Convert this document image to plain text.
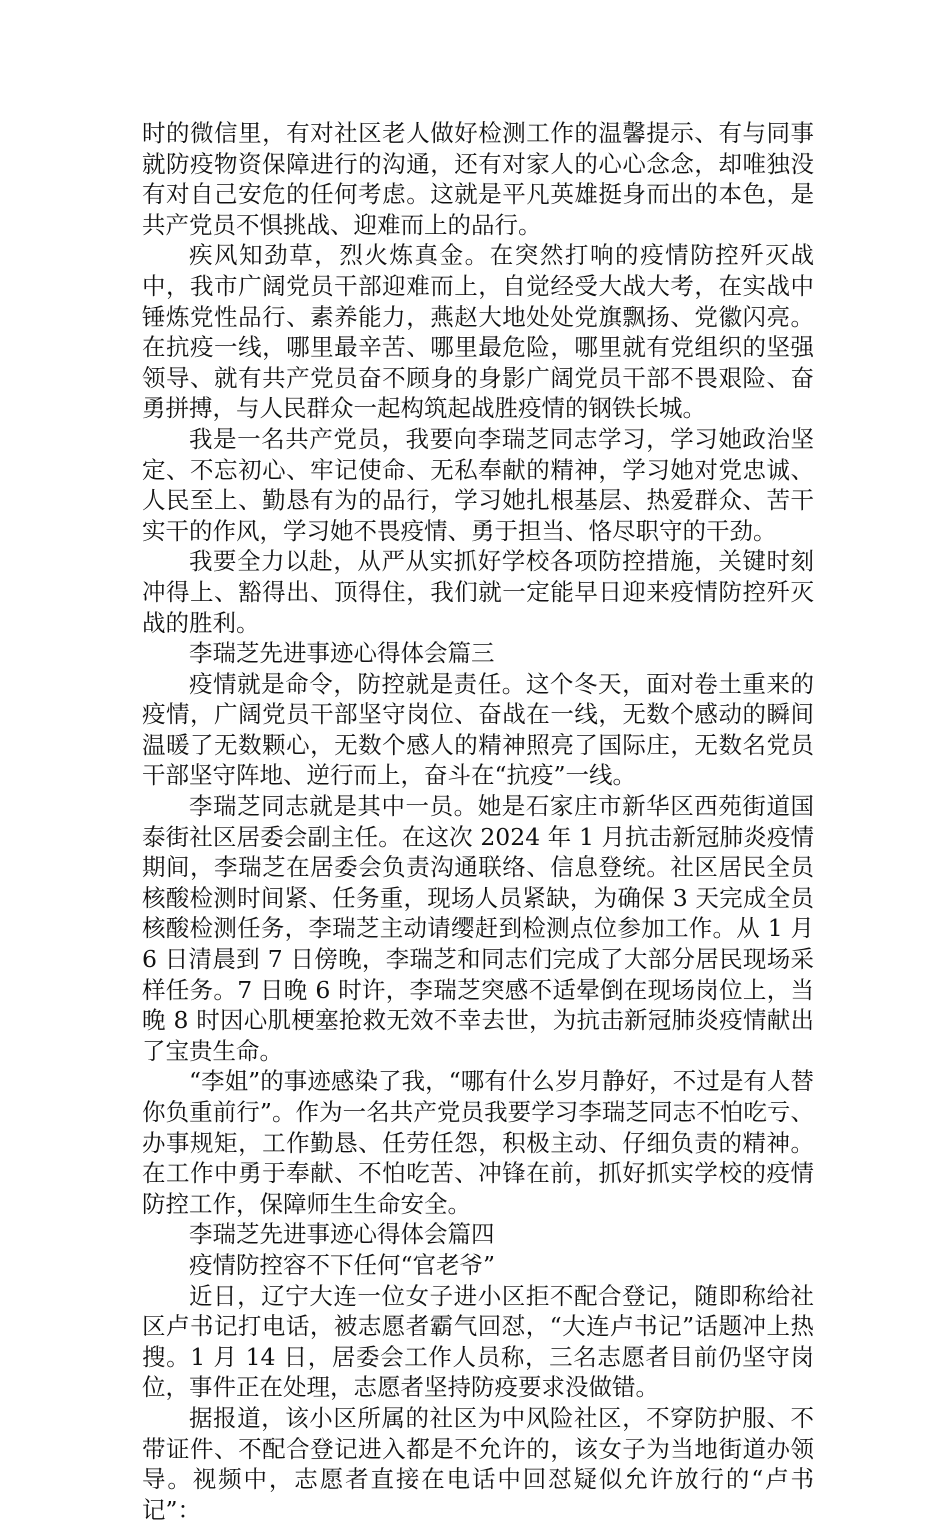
时的微信里，有对社区老人做好检测工作的温馨提示、有与同事就防疫物资保障进行的沟通，还有对家人的心心念念，却唯独没有对自己安危的任何考虑。这就是平凡英雄挺身而出的本色，是共产党员不惧挑战、迎难而上的品行。

疾风知劲草，烈火炼真金。在突然打响的疫情防控歼灭战中，我市广阔党员干部迎难而上，自觉经受大战大考，在实战中锤炼党性品行、素养能力，燕赵大地处处党旗飘扬、党徽闪亮。在抗疫一线，哪里最辛苦、哪里最危险，哪里就有党组织的坚强领导、就有共产党员奋不顾身的身影广阔党员干部不畏艰险、奋勇拼搏，与人民群众一起构筑起战胜疫情的钢铁长城。

我是一名共产党员，我要向李瑞芝同志学习，学习她政治坚定、不忘初心、牢记使命、无私奉献的精神，学习她对党忠诚、人民至上、勤恳有为的品行，学习她扎根基层、热爱群众、苦干实干的作风，学习她不畏疫情、勇于担当、恪尽职守的干劲。

我要全力以赴，从严从实抓好学校各项防控措施，关键时刻冲得上、豁得出、顶得住，我们就一定能早日迎来疫情防控歼灭战的胜利。

李瑞芝先进事迹心得体会篇三

疫情就是命令，防控就是责任。这个冬天，面对卷土重来的疫情，广阔党员干部坚守岗位、奋战在一线，无数个感动的瞬间温暖了无数颗心，无数个感人的精神照亮了国际庄，无数名党员干部坚守阵地、逆行而上，奋斗在“抗疫”一线。

李瑞芝同志就是其中一员。她是石家庄市新华区西苑街道国泰街社区居委会副主任。在这次 2024 年 1 月抗击新冠肺炎疫情期间，李瑞芝在居委会负责沟通联络、信息登统。社区居民全员核酸检测时间紧、任务重，现场人员紧缺，为确保 3 天完成全员核酸检测任务，李瑞芝主动请缨赶到检测点位参加工作。从 1 月 6 日清晨到 7 日傍晚，李瑞芝和同志们完成了大部分居民现场采样任务。7 日晚 6 时许，李瑞芝突感不适晕倒在现场岗位上，当晚 8 时因心肌梗塞抢救无效不幸去世，为抗击新冠肺炎疫情献出了宝贵生命。

“李姐”的事迹感染了我，“哪有什么岁月静好，不过是有人替你负重前行”。作为一名共产党员我要学习李瑞芝同志不怕吃亏、办事规矩，工作勤恳、任劳任怨，积极主动、仔细负责的精神。在工作中勇于奉献、不怕吃苦、冲锋在前，抓好抓实学校的疫情防控工作，保障师生生命安全。

李瑞芝先进事迹心得体会篇四

疫情防控容不下任何“官老爷”

近日，辽宁大连一位女子进小区拒不配合登记，随即称给社区卢书记打电话，被志愿者霸气回怼，“大连卢书记”话题冲上热搜。1 月 14 日，居委会工作人员称，三名志愿者目前仍坚守岗位，事件正在处理，志愿者坚持防疫要求没做错。

据报道，该小区所属的社区为中风险社区，不穿防护服、不带证件、不配合登记进入都是不允许的，该女子为当地街道办领导。视频中，志愿者直接在电话中回怼疑似允许放行的“卢书记”：
